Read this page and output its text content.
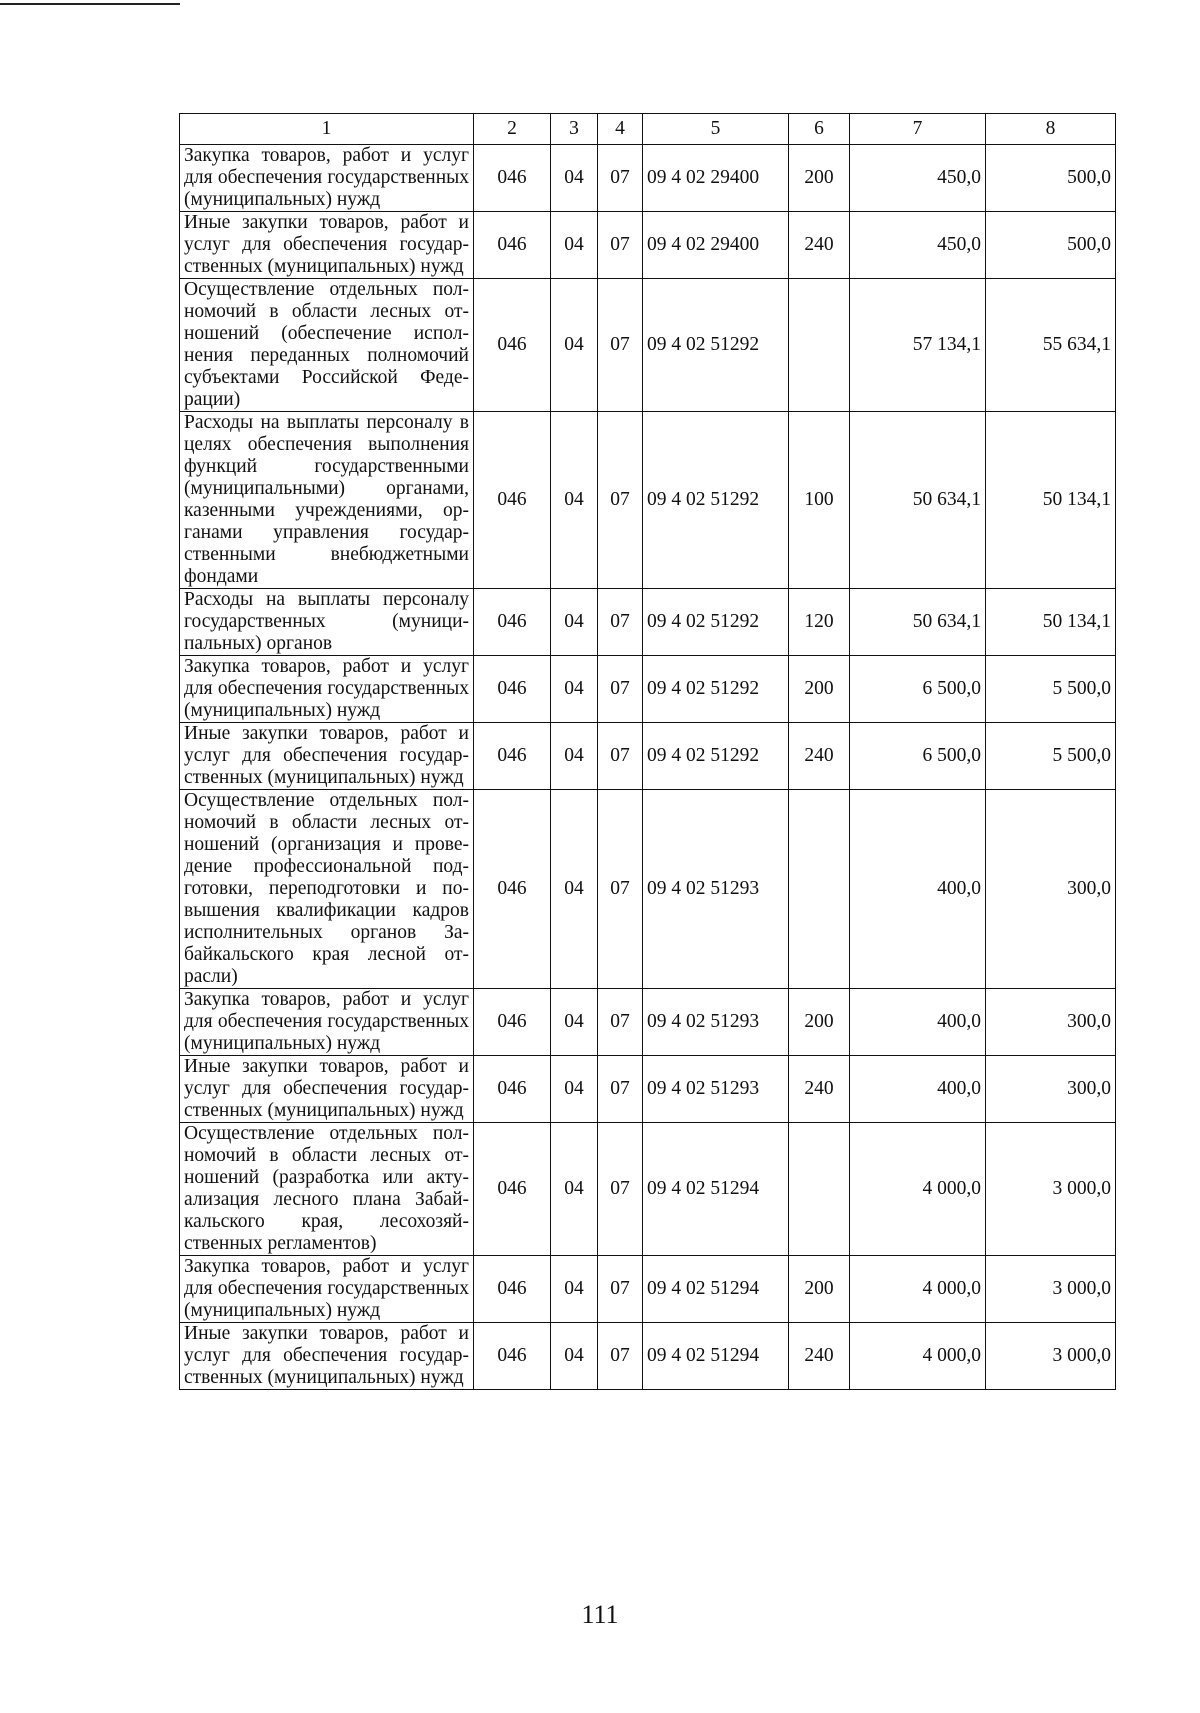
1	2	3	4	5	6	7	8
Закупка товаров, работ и услуг для обеспечения государственных (муниципальных) нужд	046	04	07	09 4 02 29400	200	450,0	500,0
Иные закупки товаров, работ и услуг для обеспечения государственных (муниципальных) нужд	046	04	07	09 4 02 29400	240	450,0	500,0
Осуществление отдельных полномочий в области лесных отношений (обеспечение исполнения переданных полномочий субъектами Российской Федерации)	046	04	07	09 4 02 51292		57 134,1	55 634,1
Расходы на выплаты персоналу в целях обеспечения выполнения функций государственными (муниципальными) органами, казенными учреждениями, органами управления государственными внебюджетными фондами	046	04	07	09 4 02 51292	100	50 634,1	50 134,1
Расходы на выплаты персоналу государственных (муниципальных) органов	046	04	07	09 4 02 51292	120	50 634,1	50 134,1
Закупка товаров, работ и услуг для обеспечения государственных (муниципальных) нужд	046	04	07	09 4 02 51292	200	6 500,0	5 500,0
Иные закупки товаров, работ и услуг для обеспечения государственных (муниципальных) нужд	046	04	07	09 4 02 51292	240	6 500,0	5 500,0
Осуществление отдельных полномочий в области лесных отношений (организация и проведение профессиональной подготовки, переподготовки и повышения квалификации кадров исполнительных органов Забайкальского края лесной отрасли)	046	04	07	09 4 02 51293		400,0	300,0
Закупка товаров, работ и услуг для обеспечения государственных (муниципальных) нужд	046	04	07	09 4 02 51293	200	400,0	300,0
Иные закупки товаров, работ и услуг для обеспечения государственных (муниципальных) нужд	046	04	07	09 4 02 51293	240	400,0	300,0
Осуществление отдельных полномочий в области лесных отношений (разработка или актуализация лесного плана Забайкальского края, лесохозяйственных регламентов)	046	04	07	09 4 02 51294		4 000,0	3 000,0
Закупка товаров, работ и услуг для обеспечения государственных (муниципальных) нужд	046	04	07	09 4 02 51294	200	4 000,0	3 000,0
Иные закупки товаров, работ и услуг для обеспечения государственных (муниципальных) нужд	046	04	07	09 4 02 51294	240	4 000,0	3 000,0
111
